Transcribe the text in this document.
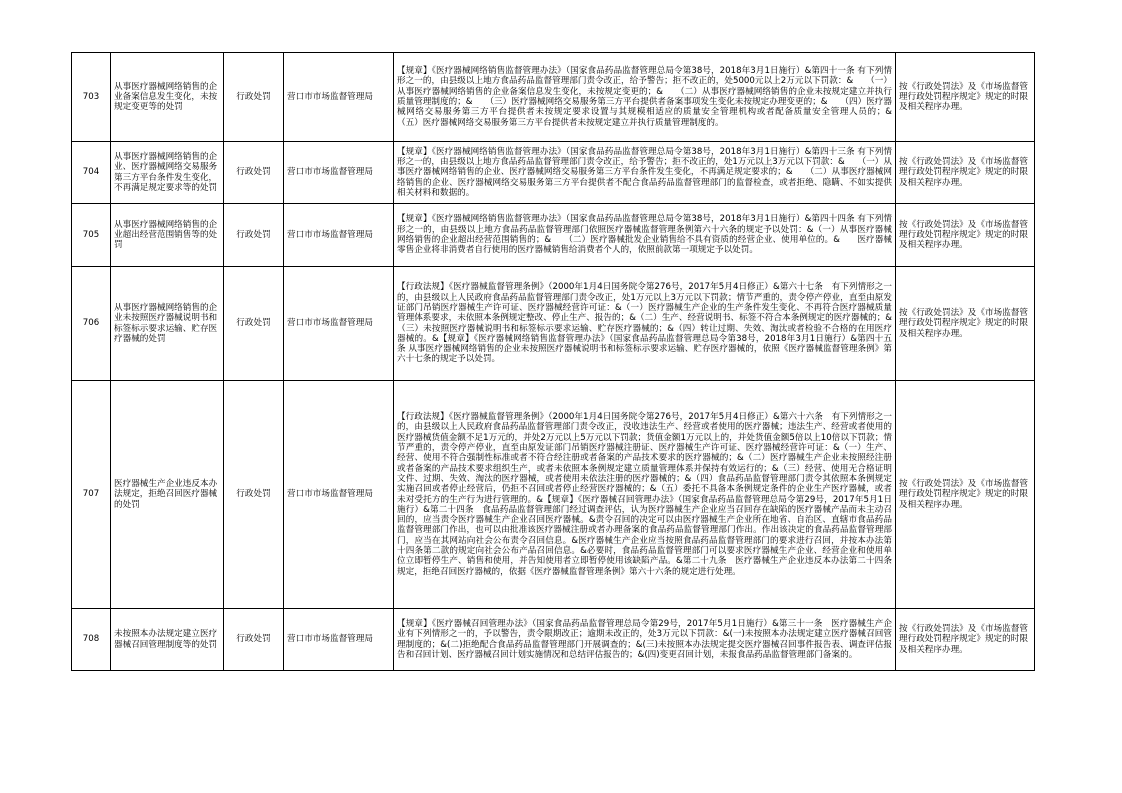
703	从事医疗器械网络销售的企业备案信息发生变化，未按规定变更等的处罚	行政处罚	营口市市场监督管理局	【规章】《医疗器械网络销售监督管理办法》（国家食品药品监督管理总局令第38号，2018年3月1日施行）&第四十一条 有下列情形之一的，由县级以上地方食品药品监督管理部门责令改正，给予警告；拒不改正的，处5000元以上2万元以下罚款：&　　（一）从事医疗器械网络销售的企业备案信息发生变化，未按规定变更的；&　　（二）从事医疗器械网络销售的企业未按规定建立并执行质量管理制度的；&　　（三）医疗器械网络交易服务第三方平台提供者备案事项发生变化未按规定办理变更的；&　　（四）医疗器械网络交易服务第三方平台提供者未按规定要求设置与其规模相适应的质量安全管理机构或者配备质量安全管理人员的；&　　（五）医疗器械网络交易服务第三方平台提供者未按规定建立并执行质量管理制度的。	按《行政处罚法》及《市场监督管理行政处罚程序规定》规定的时限及相关程序办理。
704	从事医疗器械网络销售的企业、医疗器械网络交易服务第三方平台条件发生变化，不再满足规定要求等的处罚	行政处罚	营口市市场监督管理局	【规章】《医疗器械网络销售监督管理办法》（国家食品药品监督管理总局令第38号，2018年3月1日施行）&第四十三条 有下列情形之一的，由县级以上地方食品药品监督管理部门责令改正，给予警告；拒不改正的，处1万元以上3万元以下罚款：&　　（一）从事医疗器械网络销售的企业、医疗器械网络交易服务第三方平台条件发生变化，不再满足规定要求的；&　　（二）从事医疗器械网络销售的企业、医疗器械网络交易服务第三方平台提供者不配合食品药品监督管理部门的监督检查，或者拒绝、隐瞒、不如实提供相关材料和数据的。	按《行政处罚法》及《市场监督管理行政处罚程序规定》规定的时限及相关程序办理。
705	从事医疗器械网络销售的企业超出经营范围销售等的处罚	行政处罚	营口市市场监督管理局	【规章】《医疗器械网络销售监督管理办法》（国家食品药品监督管理总局令第38号，2018年3月1日施行）&第四十四条 有下列情形之一的，由县级以上地方食品药品监督管理部门依照医疗器械监督管理条例第六十六条的规定予以处罚：&（一）从事医疗器械网络销售的企业超出经营范围销售的；&　　（二）医疗器械批发企业销售给不具有资质的经营企业、使用单位的。&　　医疗器械零售企业将非消费者自行使用的医疗器械销售给消费者个人的，依照前款第一项规定予以处罚。	按《行政处罚法》及《市场监督管理行政处罚程序规定》规定的时限及相关程序办理。
706	从事医疗器械网络销售的企业未按照医疗器械说明书和标签标示要求运输、贮存医疗器械的处罚	行政处罚	营口市市场监督管理局	【行政法规】《医疗器械监督管理条例》（2000年1月4日国务院令第276号，2017年5月4日修正）&第六十七条　有下列情形之一的，由县级以上人民政府食品药品监督管理部门责令改正，处1万元以上3万元以下罚款；情节严重的，责令停产停业，直至由原发证部门吊销医疗器械生产许可证、医疗器械经营许可证：&（一）医疗器械生产企业的生产条件发生变化、不再符合医疗器械质量管理体系要求，未依照本条例规定整改、停止生产、报告的；&（二）生产、经营说明书、标签不符合本条例规定的医疗器械的；&（三）未按照医疗器械说明书和标签标示要求运输、贮存医疗器械的；&（四）转让过期、失效、淘汰或者检验不合格的在用医疗器械的。&【规章】《医疗器械网络销售监督管理办法》（国家食品药品监督管理总局令第38号，2018年3月1日施行）&第四十五条 从事医疗器械网络销售的企业未按照医疗器械说明书和标签标示要求运输、贮存医疗器械的，依照《医疗器械监督管理条例》第六十七条的规定予以处罚。	按《行政处罚法》及《市场监督管理行政处罚程序规定》规定的时限及相关程序办理。
707	医疗器械生产企业违反本办法规定，拒绝召回医疗器械的处罚	行政处罚	营口市市场监督管理局	【行政法规】《医疗器械监督管理条例》（2000年1月4日国务院令第276号，2017年5月4日修正）&第六十六条　有下列情形之一的，由县级以上人民政府食品药品监督管理部门责令改正，没收违法生产、经营或者使用的医疗器械；违法生产、经营或者使用的医疗器械货值金额不足1万元的，并处2万元以上5万元以下罚款；货值金额1万元以上的，并处货值金额5倍以上10倍以下罚款；情节严重的，责令停产停业，直至由原发证部门吊销医疗器械注册证、医疗器械生产许可证、医疗器械经营许可证：&（一）生产、经营、使用不符合强制性标准或者不符合经注册或者备案的产品技术要求的医疗器械的；&（二）医疗器械生产企业未按照经注册或者备案的产品技术要求组织生产，或者未依照本条例规定建立质量管理体系并保持有效运行的；&（三）经营、使用无合格证明文件、过期、失效、淘汰的医疗器械，或者使用未依法注册的医疗器械的；&（四）食品药品监督管理部门责令其依照本条例规定实施召回或者停止经营后，仍拒不召回或者停止经营医疗器械的；&（五）委托不具备本条例规定条件的企业生产医疗器械，或者未对受托方的生产行为进行管理的。&【规章】《医疗器械召回管理办法》（国家食品药品监督管理总局令第29号，2017年5月1日施行）&第二十四条　食品药品监督管理部门经过调查评估，认为医疗器械生产企业应当召回存在缺陷的医疗器械产品而未主动召回的，应当责令医疗器械生产企业召回医疗器械。&责令召回的决定可以由医疗器械生产企业所在地省、自治区、直辖市食品药品监督管理部门作出，也可以由批准该医疗器械注册或者办理备案的食品药品监督管理部门作出。作出该决定的食品药品监督管理部门，应当在其网站向社会公布责令召回信息。&医疗器械生产企业应当按照食品药品监督管理部门的要求进行召回，并按本办法第十四条第二款的规定向社会公布产品召回信息。&必要时，食品药品监督管理部门可以要求医疗器械生产企业、经营企业和使用单位立即暂停生产、销售和使用，并告知使用者立即暂停使用该缺陷产品。&第二十九条　医疗器械生产企业违反本办法第二十四条规定，拒绝召回医疗器械的，依据《医疗器械监督管理条例》第六十六条的规定进行处理。	按《行政处罚法》及《市场监督管理行政处罚程序规定》规定的时限及相关程序办理。
708	未按照本办法规定建立医疗器械召回管理制度等的处罚	行政处罚	营口市市场监督管理局	【规章】《医疗器械召回管理办法》（国家食品药品监督管理总局令第29号，2017年5月1日施行）&第三十一条　医疗器械生产企业有下列情形之一的，予以警告，责令限期改正；逾期未改正的，处3万元以下罚款：&(一)未按照本办法规定建立医疗器械召回管理制度的；&(二)拒绝配合食品药品监督管理部门开展调查的；&(三)未按照本办法规定提交医疗器械召回事件报告表、调查评估报告和召回计划、医疗器械召回计划实施情况和总结评估报告的；&(四)变更召回计划，未报食品药品监督管理部门备案的。	按《行政处罚法》及《市场监督管理行政处罚程序规定》规定的时限及相关程序办理。
